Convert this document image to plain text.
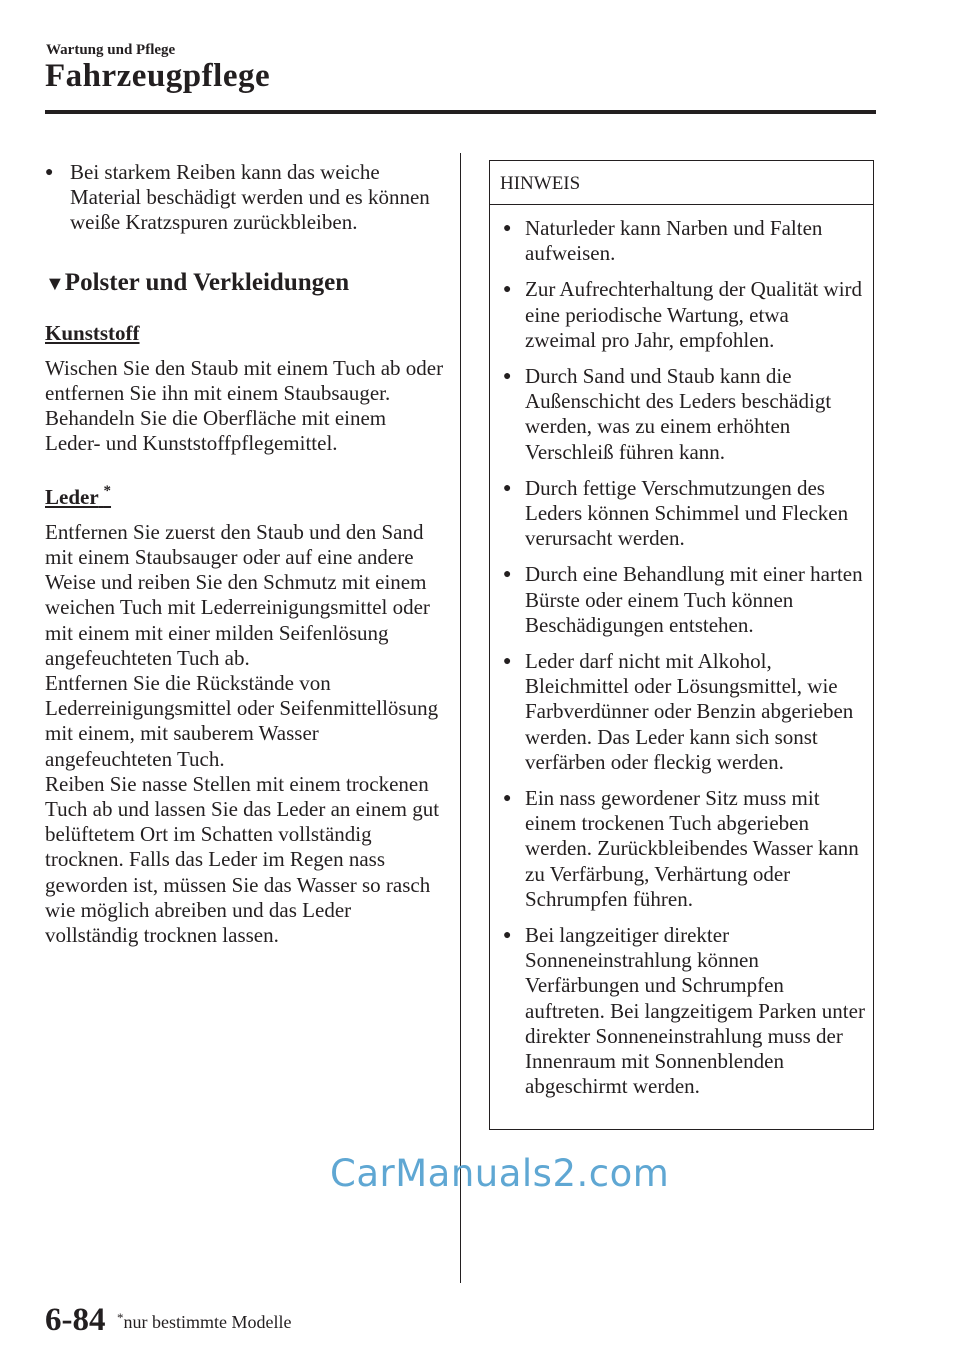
Wartung und Pflege
Fahrzeugpflege
● Bei starkem Reiben kann das weiche Material beschädigt werden und es können weiße Kratzspuren zurückbleiben.
▼Polster und Verkleidungen
Kunststoff
Wischen Sie den Staub mit einem Tuch ab oder entfernen Sie ihn mit einem Staubsauger.
Behandeln Sie die Oberfläche mit einem Leder- und Kunststoffpflegemittel.
Leder *
Entfernen Sie zuerst den Staub und den Sand mit einem Staubsauger oder auf eine andere Weise und reiben Sie den Schmutz mit einem weichen Tuch mit Lederreinigungsmittel oder mit einem mit einer milden Seifenlösung angefeuchteten Tuch ab.
Entfernen Sie die Rückstände von Lederreinigungsmittel oder Seifenmittellösung mit einem, mit sauberem Wasser angefeuchteten Tuch.
Reiben Sie nasse Stellen mit einem trockenen Tuch ab und lassen Sie das Leder an einem gut belüftetem Ort im Schatten vollständig trocknen. Falls das Leder im Regen nass geworden ist, müssen Sie das Wasser so rasch wie möglich abreiben und das Leder vollständig trocknen lassen.
HINWEIS
● Naturleder kann Narben und Falten aufweisen.
● Zur Aufrechterhaltung der Qualität wird eine periodische Wartung, etwa zweimal pro Jahr, empfohlen.
● Durch Sand und Staub kann die Außenschicht des Leders beschädigt werden, was zu einem erhöhten Verschleiß führen kann.
● Durch fettige Verschmutzungen des Leders können Schimmel und Flecken verursacht werden.
● Durch eine Behandlung mit einer harten Bürste oder einem Tuch können Beschädigungen entstehen.
● Leder darf nicht mit Alkohol, Bleichmittel oder Lösungsmittel, wie Farbverdünner oder Benzin abgerieben werden. Das Leder kann sich sonst verfärben oder fleckig werden.
● Ein nass gewordener Sitz muss mit einem trockenen Tuch abgerieben werden. Zurückbleibendes Wasser kann zu Verfärbung, Verhärtung oder Schrumpfen führen.
● Bei langzeitiger direkter Sonneneinstrahlung können Verfärbungen und Schrumpfen auftreten. Bei langzeitigem Parken unter direkter Sonneneinstrahlung muss der Innenraum mit Sonnenblenden abgeschirmt werden.
CarManuals2.com
6-84 *nur bestimmte Modelle
